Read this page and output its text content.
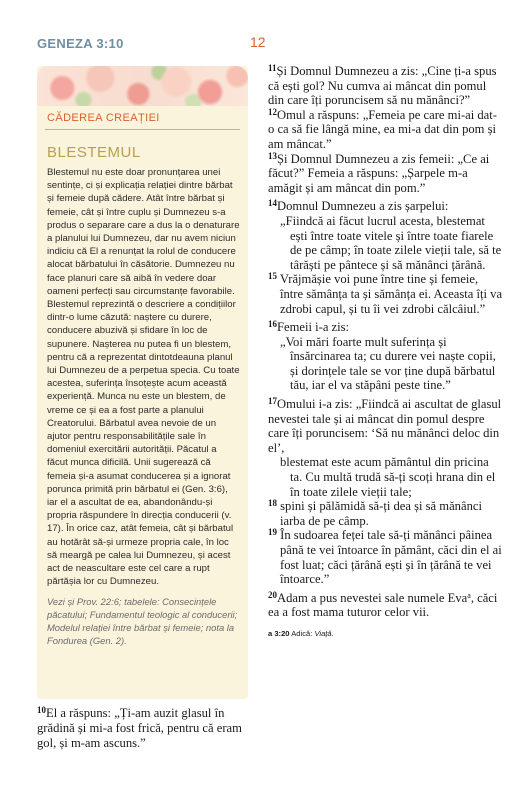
GENEZA 3:10	12
CĂDEREA CREAȚIEI
BLESTEMUL
Blestemul nu este doar pronunțarea unei sentințe, ci și explicația relației dintre bărbat și femeie după cădere. Atât între bărbat și femeie, cât și între cuplu și Dumnezeu s-a produs o separare care a dus la o denaturare a planului lui Dumnezeu, dar nu avem niciun indiciu că El a renunțat la rolul de conducere alocat bărbatului în căsătorie. Dumnezeu nu face planuri care să aibă în vedere doar oameni perfecți sau circumstanțe favorabile. Blestemul reprezintă o descriere a condițiilor dintr-o lume căzută: naștere cu durere, conducere abuzivă și sfidare în loc de supunere. Nașterea nu putea fi un blestem, pentru că a reprezentat dintotdeauna planul lui Dumnezeu de a perpetua specia. Cu toate acestea, suferința însoțește acum această experiență. Munca nu este un blestem, de vreme ce și ea a fost parte a planului Creatorului. Bărbatul avea nevoie de un ajutor pentru responsabilitățile sale în domeniul exercitării autorității. Păcatul a făcut munca dificilă. Unii sugerează că femeia și-a asumat conducerea și a ignorat porunca primită prin bărbatul ei (Gen. 3:6), iar el a ascultat de ea, abandonându-și propria răspundere în direcția conducerii (v. 17). În orice caz, atât femeia, cât și bărbatul au hotărât să-și urmeze propria cale, în loc să meargă pe calea lui Dumnezeu, și acest act de neascultare este cel care a rupt părtășia lor cu Dumnezeu.
Vezi și Prov. 22:6; tabelele: Consecințele păcatului; Fundamentul teologic al conducerii; Modelul relației între bărbat și femeie; nota la Fondurea (Gen. 2).
$^{10}$El a răspuns: „Ți-am auzit glasul în grădină și mi-a fost frică, pentru că eram gol, și m-am ascuns.”

$^{11}$Și Domnul Dumnezeu a zis: „Cine ți-a spus că ești gol? Nu cumva ai mâncat din pomul din care îți poruncisem să nu mănânci?”

$^{12}$Omul a răspuns: „Femeia pe care mi-ai dat-o ca să fie lângă mine, ea mi-a dat din pom și am mâncat.”

$^{13}$Și Domnul Dumnezeu a zis femeii: „Ce ai făcut?” Femeia a răspuns: „Șarpele m-a amăgit și am mâncat din pom.”

$^{14}$Domnul Dumnezeu a zis șarpelui:

„Fiindcă ai făcut lucrul acesta, blestemat ești între toate vitele și între toate fiarele de pe câmp; în toate zilele vieții tale, să te târăști pe pântece și să mănânci țărână.

$^{15}$ Vrăjmășie voi pune între tine și femeie, între sămânța ta și sămânța ei. Aceasta îți va zdrobi capul, și tu îi vei zdrobi călcâiul.”

$^{16}$Femeii i-a zis:

„Voi mări foarte mult suferința și însărcinarea ta; cu durere vei naște copii, și dorințele tale se vor ține după bărbatul tău, iar el va stăpâni peste tine.”

$^{17}$Omului i-a zis: „Fiindcă ai ascultat de glasul nevestei tale și ai mâncat din pomul despre care îți poruncisem: ‘Să nu mănânci deloc din el’,

blestemat este acum pământul din pricina ta. Cu multă trudă să-ți scoți hrana din el în toate zilele vieții tale;

$^{18}$ spini și pălămidă să-ți dea și să mănânci iarba de pe câmp.

$^{19}$ În sudoarea feței tale să-ți mănânci pâinea până te vei întoarce în pământ, căci din el ai fost luat; căci țărână ești și în țărână te vei întoarce.”

$^{20}$Adam a pus nevestei sale numele Eva$^a$, căci ea a fost mama tuturor celor vii.

a 3:20 Adică: Viață.
